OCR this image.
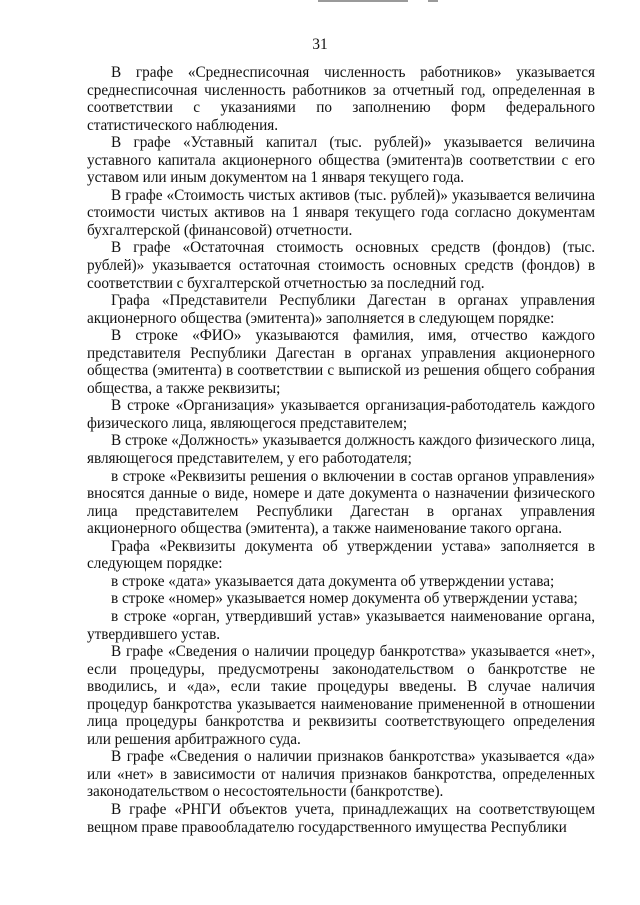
31

В графе «Среднесписочная численность работников» указывается среднесписочная численность работников за отчетный год, определенная в соответствии с указаниями по заполнению форм федерального статистического наблюдения.

В графе «Уставный капитал (тыс. рублей)» указывается величина уставного капитала акционерного общества (эмитента)в соответствии с его уставом или иным документом на 1 января текущего года.

В графе «Стоимость чистых активов (тыс. рублей)» указывается величина стоимости чистых активов на 1 января текущего года согласно документам бухгалтерской (финансовой) отчетности.

В графе «Остаточная стоимость основных средств (фондов) (тыс. рублей)» указывается остаточная стоимость основных средств (фондов) в соответствии с бухгалтерской отчетностью за последний год.

Графа «Представители Республики Дагестан в органах управления акционерного общества (эмитента)» заполняется в следующем порядке:

В строке «ФИО» указываются фамилия, имя, отчество каждого представителя Республики Дагестан в органах управления акционерного общества (эмитента) в соответствии с выпиской из решения общего собрания общества, а также реквизиты;

В строке «Организация» указывается организация-работодатель каждого физического лица, являющегося представителем;

В строке «Должность» указывается должность каждого физического лица, являющегося представителем, у его работодателя;

в строке «Реквизиты решения о включении в состав органов управления» вносятся данные о виде, номере и дате документа о назначении физического лица представителем Республики Дагестан в органах управления акционерного общества (эмитента), а также наименование такого органа.

Графа «Реквизиты документа об утверждении устава» заполняется в следующем порядке:

в строке «дата» указывается дата документа об утверждении устава;

в строке «номер» указывается номер документа об утверждении устава;

в строке «орган, утвердивший устав» указывается наименование органа, утвердившего устав.

В графе «Сведения о наличии процедур банкротства» указывается «нет», если процедуры, предусмотрены законодательством о банкротстве не вводились, и «да», если такие процедуры введены. В случае наличия процедур банкротства указывается наименование примененной в отношении лица процедуры банкротства и реквизиты соответствующего определения или решения арбитражного суда.

В графе «Сведения о наличии признаков банкротства» указывается «да» или «нет» в зависимости от наличия признаков банкротства, определенных законодательством о несостоятельности (банкротстве).

В графе «РНГИ объектов учета, принадлежащих на соответствующем вещном праве правообладателю государственного имущества Республики
